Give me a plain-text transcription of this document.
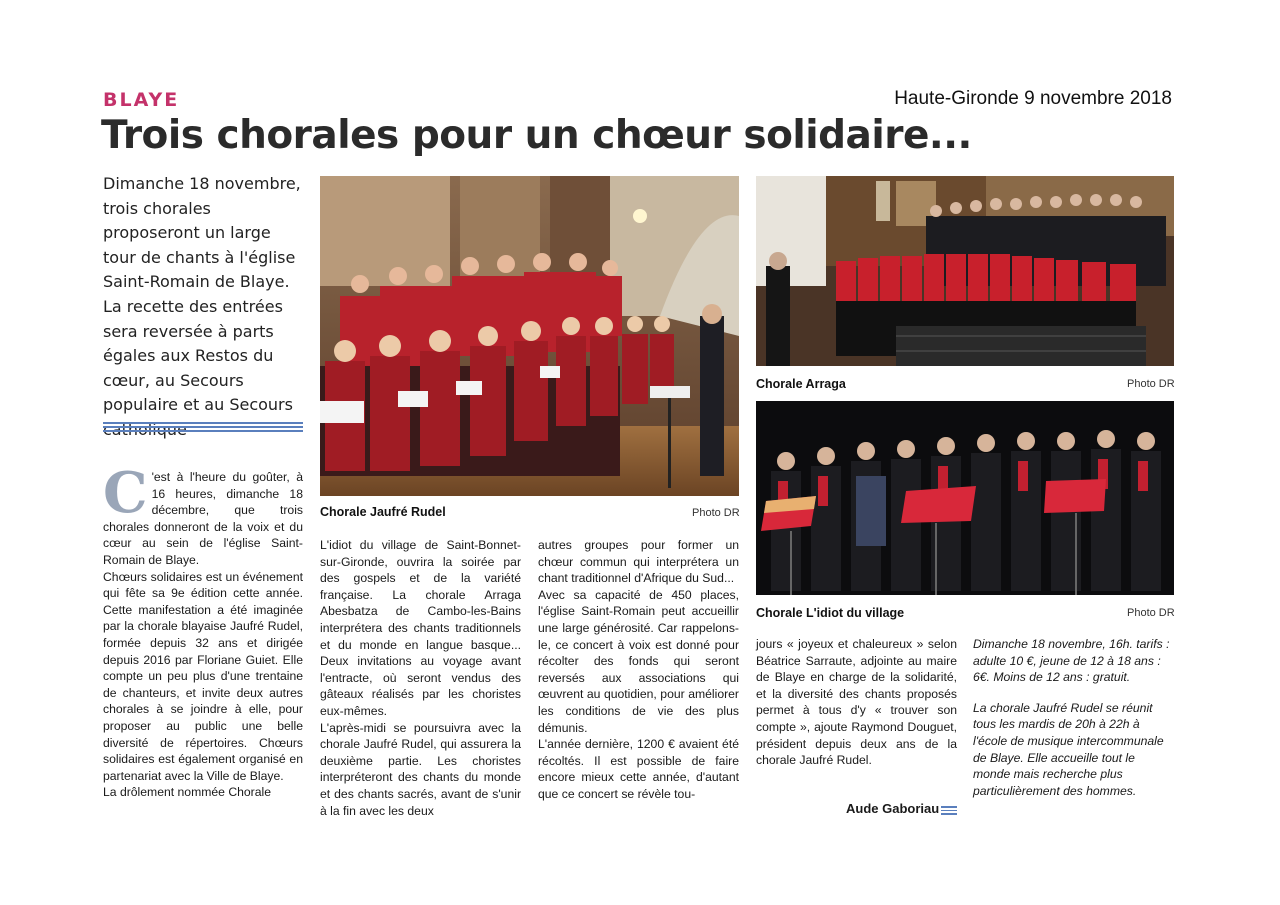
BLAYE	Haute-Gironde 9 novembre 2018
Trois chorales pour un chœur solidaire...
Dimanche 18 novembre, trois chorales proposeront un large tour de chants à l'église Saint-Romain de Blaye. La recette des entrées sera reversée à parts égales aux Restos du cœur, au Secours populaire et au Secours
Chorale Jaufré Rudel	Photo DR
Chorale Arraga	Photo DR
Chorale L'idiot du village	Photo DR
C 'est à l'heure du goûter, à 16 heures, dimanche 18 décembre, que trois chorales donneront de la voix et du cœur au sein de l'église Saint-Romain de Blaye.

Chœurs solidaires est un événement qui fête sa 9e édition cette année. Cette manifestation a été imaginée par la chorale blayaise Jaufré Rudel, formée depuis 32 ans et dirigée depuis 2016 par Floriane Guiet. Elle compte un peu plus d'une trentaine de chanteurs, et invite deux autres chorales à se joindre à elle, pour proposer au public une belle diversité de répertoires. Chœurs solidaires est également organisé en partenariat avec la Ville de Blaye.

La drôlement nommée Chorale

L'idiot du village de Saint-Bonnet-sur-Gironde, ouvrira la soirée par des gospels et de la variété française. La chorale Arraga Abesbatza de Cambo-les-Bains interprétera des chants traditionnels et du monde en langue basque... Deux invitations au voyage avant l'entracte, où seront vendus des gâteaux réalisés par les choristes eux-mêmes.

L'après-midi se poursuivra avec la chorale Jaufré Rudel, qui assurera la deuxième partie. Les choristes interpréteront des chants du monde et des chants sacrés, avant de s'unir à la fin avec les deux

autres groupes pour former un chœur commun qui interprétera un chant traditionnel d'Afrique du Sud...

Avec sa capacité de 450 places, l'église Saint-Romain peut accueillir une large générosité. Car rappelons-le, ce concert à voix est donné pour récolter des fonds qui seront reversés aux associations qui œuvrent au quotidien, pour améliorer les conditions de vie des plus démunis.

L'année dernière, 1200 € avaient été récoltés. Il est possible de faire encore mieux cette année, d'autant que ce concert se révèle tou-

jours « joyeux et chaleureux » selon Béatrice Sarraute, adjointe au maire de Blaye en charge de la solidarité, et la diversité des chants proposés permet à tous d'y « trouver son compte », ajoute Raymond Douguet, président depuis deux ans de la chorale Jaufré Rudel.

Dimanche 18 novembre, 16h. tarifs : adulte 10 €, jeune de 12 à 18 ans : 6€. Moins de 12 ans : gratuit.

La chorale Jaufré Rudel se réunit tous les mardis de 20h à 22h à l'école de musique intercommunale de Blaye. Elle accueille tout le monde mais recherche plus particulièrement des hommes.

Aude Gaboriau
